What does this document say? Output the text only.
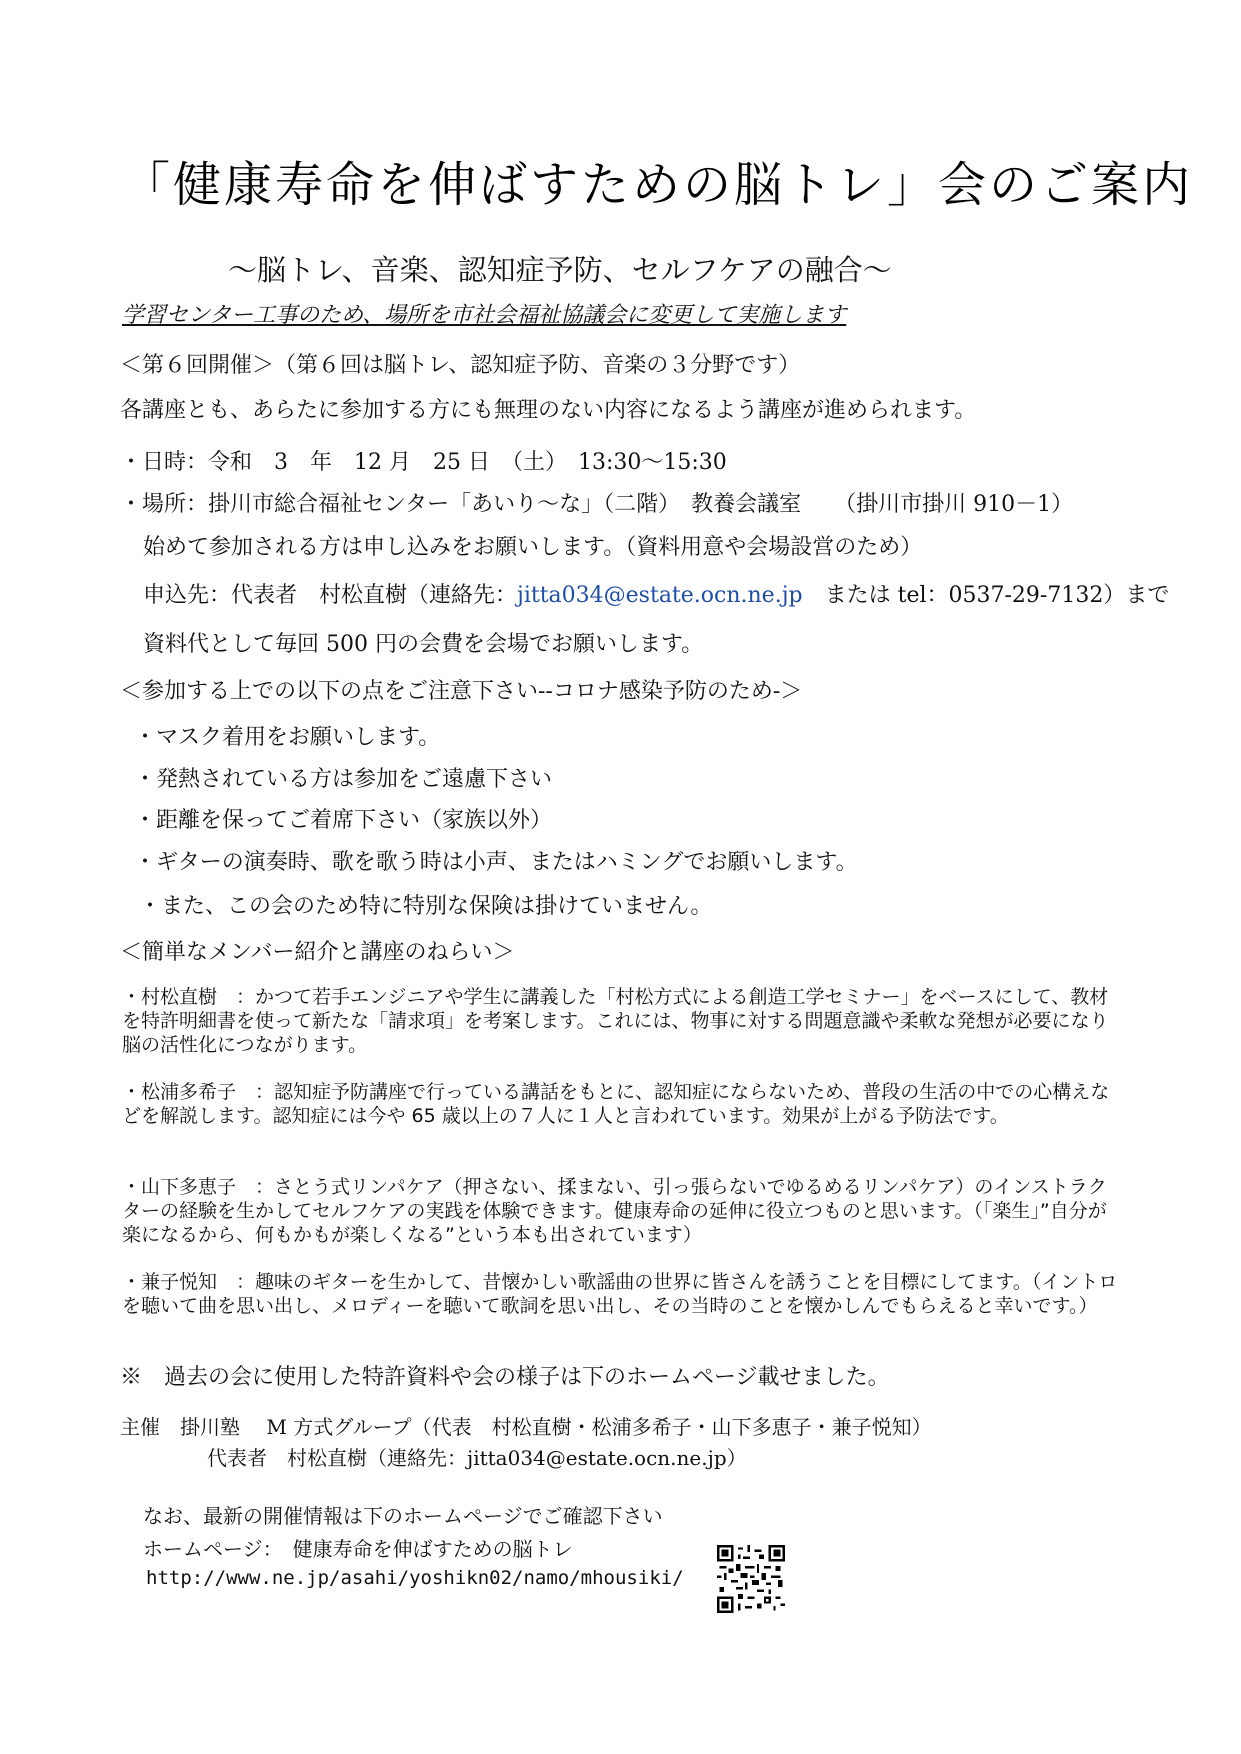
「健康寿命を伸ばすための脳トレ」会のご案内
～脳トレ、音楽、認知症予防、セルフケアの融合～
学習センター工事のため、場所を市社会福祉協議会に変更して実施します
＜第６回開催＞（第６回は脳トレ、認知症予防、音楽の３分野です）
各講座とも、あらたに参加する方にも無理のない内容になるよう講座が進められます。
・日時：令和　3　年　12 月　25 日　（土）　13:30～15:30
・場所：掛川市総合福祉センター「あいり～な」（二階）　教養会議室　　（掛川市掛川 910－1）
始めて参加される方は申し込みをお願いします。（資料用意や会場設営のため）
申込先：代表者　村松直樹（連絡先：jitta034@estate.ocn.ne.jp　または tel：0537-29-7132）まで
資料代として毎回 500 円の会費を会場でお願いします。
＜参加する上での以下の点をご注意下さい--コロナ感染予防のため-＞
・マスク着用をお願いします。
・発熱されている方は参加をご遠慮下さい
・距離を保ってご着席下さい（家族以外）
・ギターの演奏時、歌を歌う時は小声、またはハミングでお願いします。
・また、この会のため特に特別な保険は掛けていません。
＜簡単なメンバー紹介と講座のねらい＞
・村松直樹　：かつて若手エンジニアや学生に講義した「村松方式による創造工学セミナー」をベースにして、教材を特許明細書を使って新たな「請求項」を考案します。これには、物事に対する問題意識や柔軟な発想が必要になり脳の活性化につながります。
・松浦多希子　：認知症予防講座で行っている講話をもとに、認知症にならないため、普段の生活の中での心構えなどを解説します。認知症には今や 65 歳以上の７人に１人と言われています。効果が上がる予防法です。
・山下多恵子　：さとう式リンパケア（押さない、揉まない、引っ張らないでゆるめるリンパケア）のインストラクターの経験を生かしてセルフケアの実践を体験できます。健康寿命の延伸に役立つものと思います。（「楽生」”自分が楽になるから、何もかもが楽しくなる”という本も出されています）
・兼子悦知　：趣味のギターを生かして、昔懐かしい歌謡曲の世界に皆さんを誘うことを目標にしてます。（イントロを聴いて曲を思い出し、メロディーを聴いて歌詞を思い出し、その当時のことを懐かしんでもらえると幸いです。）
※　過去の会に使用した特許資料や会の様子は下のホームページ載せました。
主催　掛川塾　 M 方式グループ（代表　村松直樹・松浦多希子・山下多恵子・兼子悦知）
代表者　村松直樹（連絡先：jitta034@estate.ocn.ne.jp）
なお、最新の開催情報は下のホームページでご確認下さい
ホームページ：　健康寿命を伸ばすための脳トレ
http://www.ne.jp/asahi/yoshikn02/namo/mhousiki/
